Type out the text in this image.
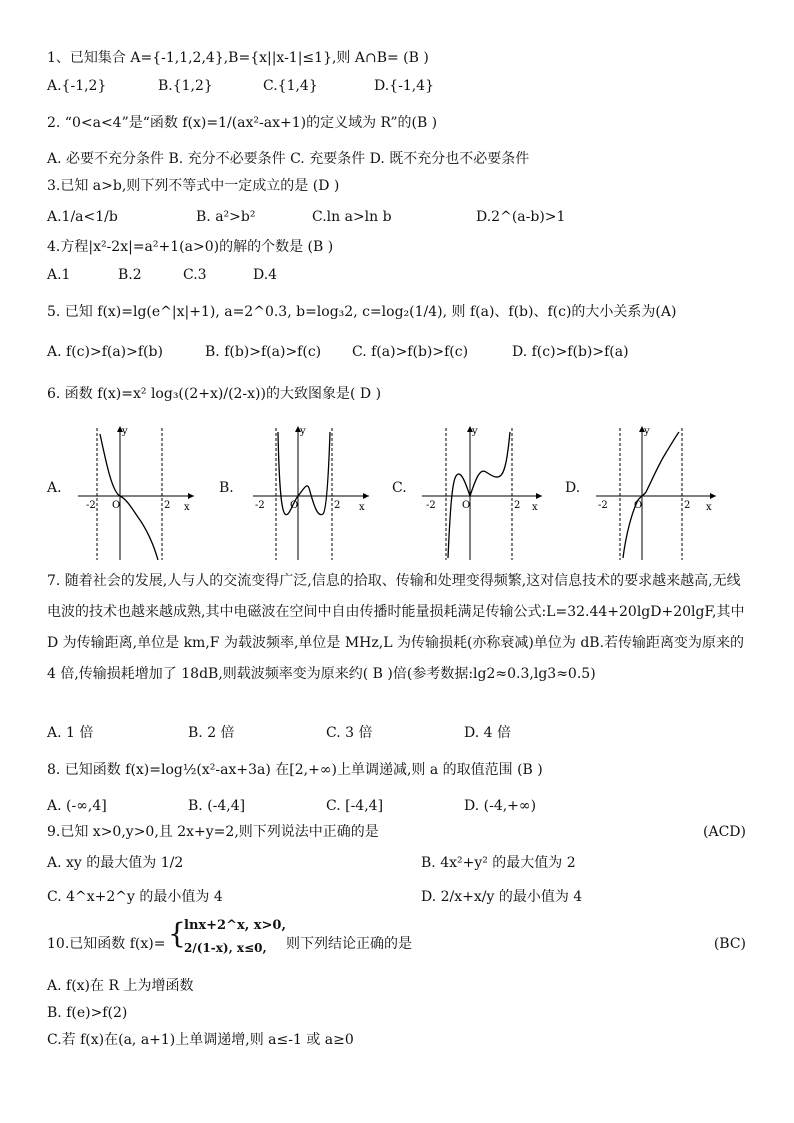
1、已知集合 A={-1,1,2,4},B={x||x-1|≤1},则 A∩B= (B )
A.{-1,2}	B.{1,2}	C.{1,4}	D.{-1,4}
2. “0<a<4”是“函数 f(x)=1/(ax²-ax+1)的定义域为 R”的(B )
A. 必要不充分条件 B. 充分不必要条件 C. 充要条件 D. 既不充分也不必要条件
3.已知 a>b,则下列不等式中一定成立的是 (D )
A.1/a<1/b	B. a²>b²	C.ln a>ln b	D.2^(a-b)>1
4.方程|x²-2x|=a²+1(a>0)的解的个数是 (B )
A.1	B.2	C.3	D.4
5. 已知 f(x)=lg(e^|x|+1), a=2^0.3, b=log₃2, c=log₂(1/4), 则 f(a)、f(b)、f(c)的大小关系为(A)
A. f(c)>f(a)>f(b)	B. f(b)>f(a)>f(c) C. f(a)>f(b)>f(c)	D. f(c)>f(b)>f(a)
6. 函数 f(x)=x² log₃((2+x)/(2-x))的大致图象是( D )
A.	B.	C.	D.
y
x
O
-2	2
y
x
O
-2	2
y
x
O
-2	2
y
x
O
-2	2
7. 随着社会的发展,人与人的交流变得广泛,信息的拾取、传输和处理变得频繁,这对信息技术的要求越来越高,无线电波的技术也越来越成熟,其中电磁波在空间中自由传播时能量损耗满足传输公式:L=32.44+20lgD+20lgF,其中 D 为传输距离,单位是 km,F 为载波频率,单位是 MHz,L 为传输损耗(亦称衰减)单位为 dB.若传输距离变为原来的 4 倍,传输损耗增加了 18dB,则载波频率变为原来约( B )倍(参考数据:lg2≈0.3,lg3≈0.5)
A. 1 倍	B. 2 倍	C. 3 倍	D. 4 倍
8. 已知函数 f(x)=log½(x²-ax+3a) 在[2,+∞)上单调递减,则 a 的取值范围 (B )
A. (-∞,4]	B. (-4,4]	C. [-4,4]	D. (-4,+∞)
9.已知 x>0,y>0,且 2x+y=2,则下列说法中正确的是	(ACD)
A. xy 的最大值为 1/2	B. 4x²+y² 的最大值为 2
C. 4^x+2^y 的最小值为 4	D. 2/x+x/y 的最小值为 4
10.已知函数 f(x)= {
lnx+2^x, x>0,
2/(1-x), x≤0, 则下列结论正确的是	(BC)
A. f(x)在 R 上为增函数
B. f(e)>f(2)
C.若 f(x)在(a, a+1)上单调递增,则 a≤-1 或 a≥0
